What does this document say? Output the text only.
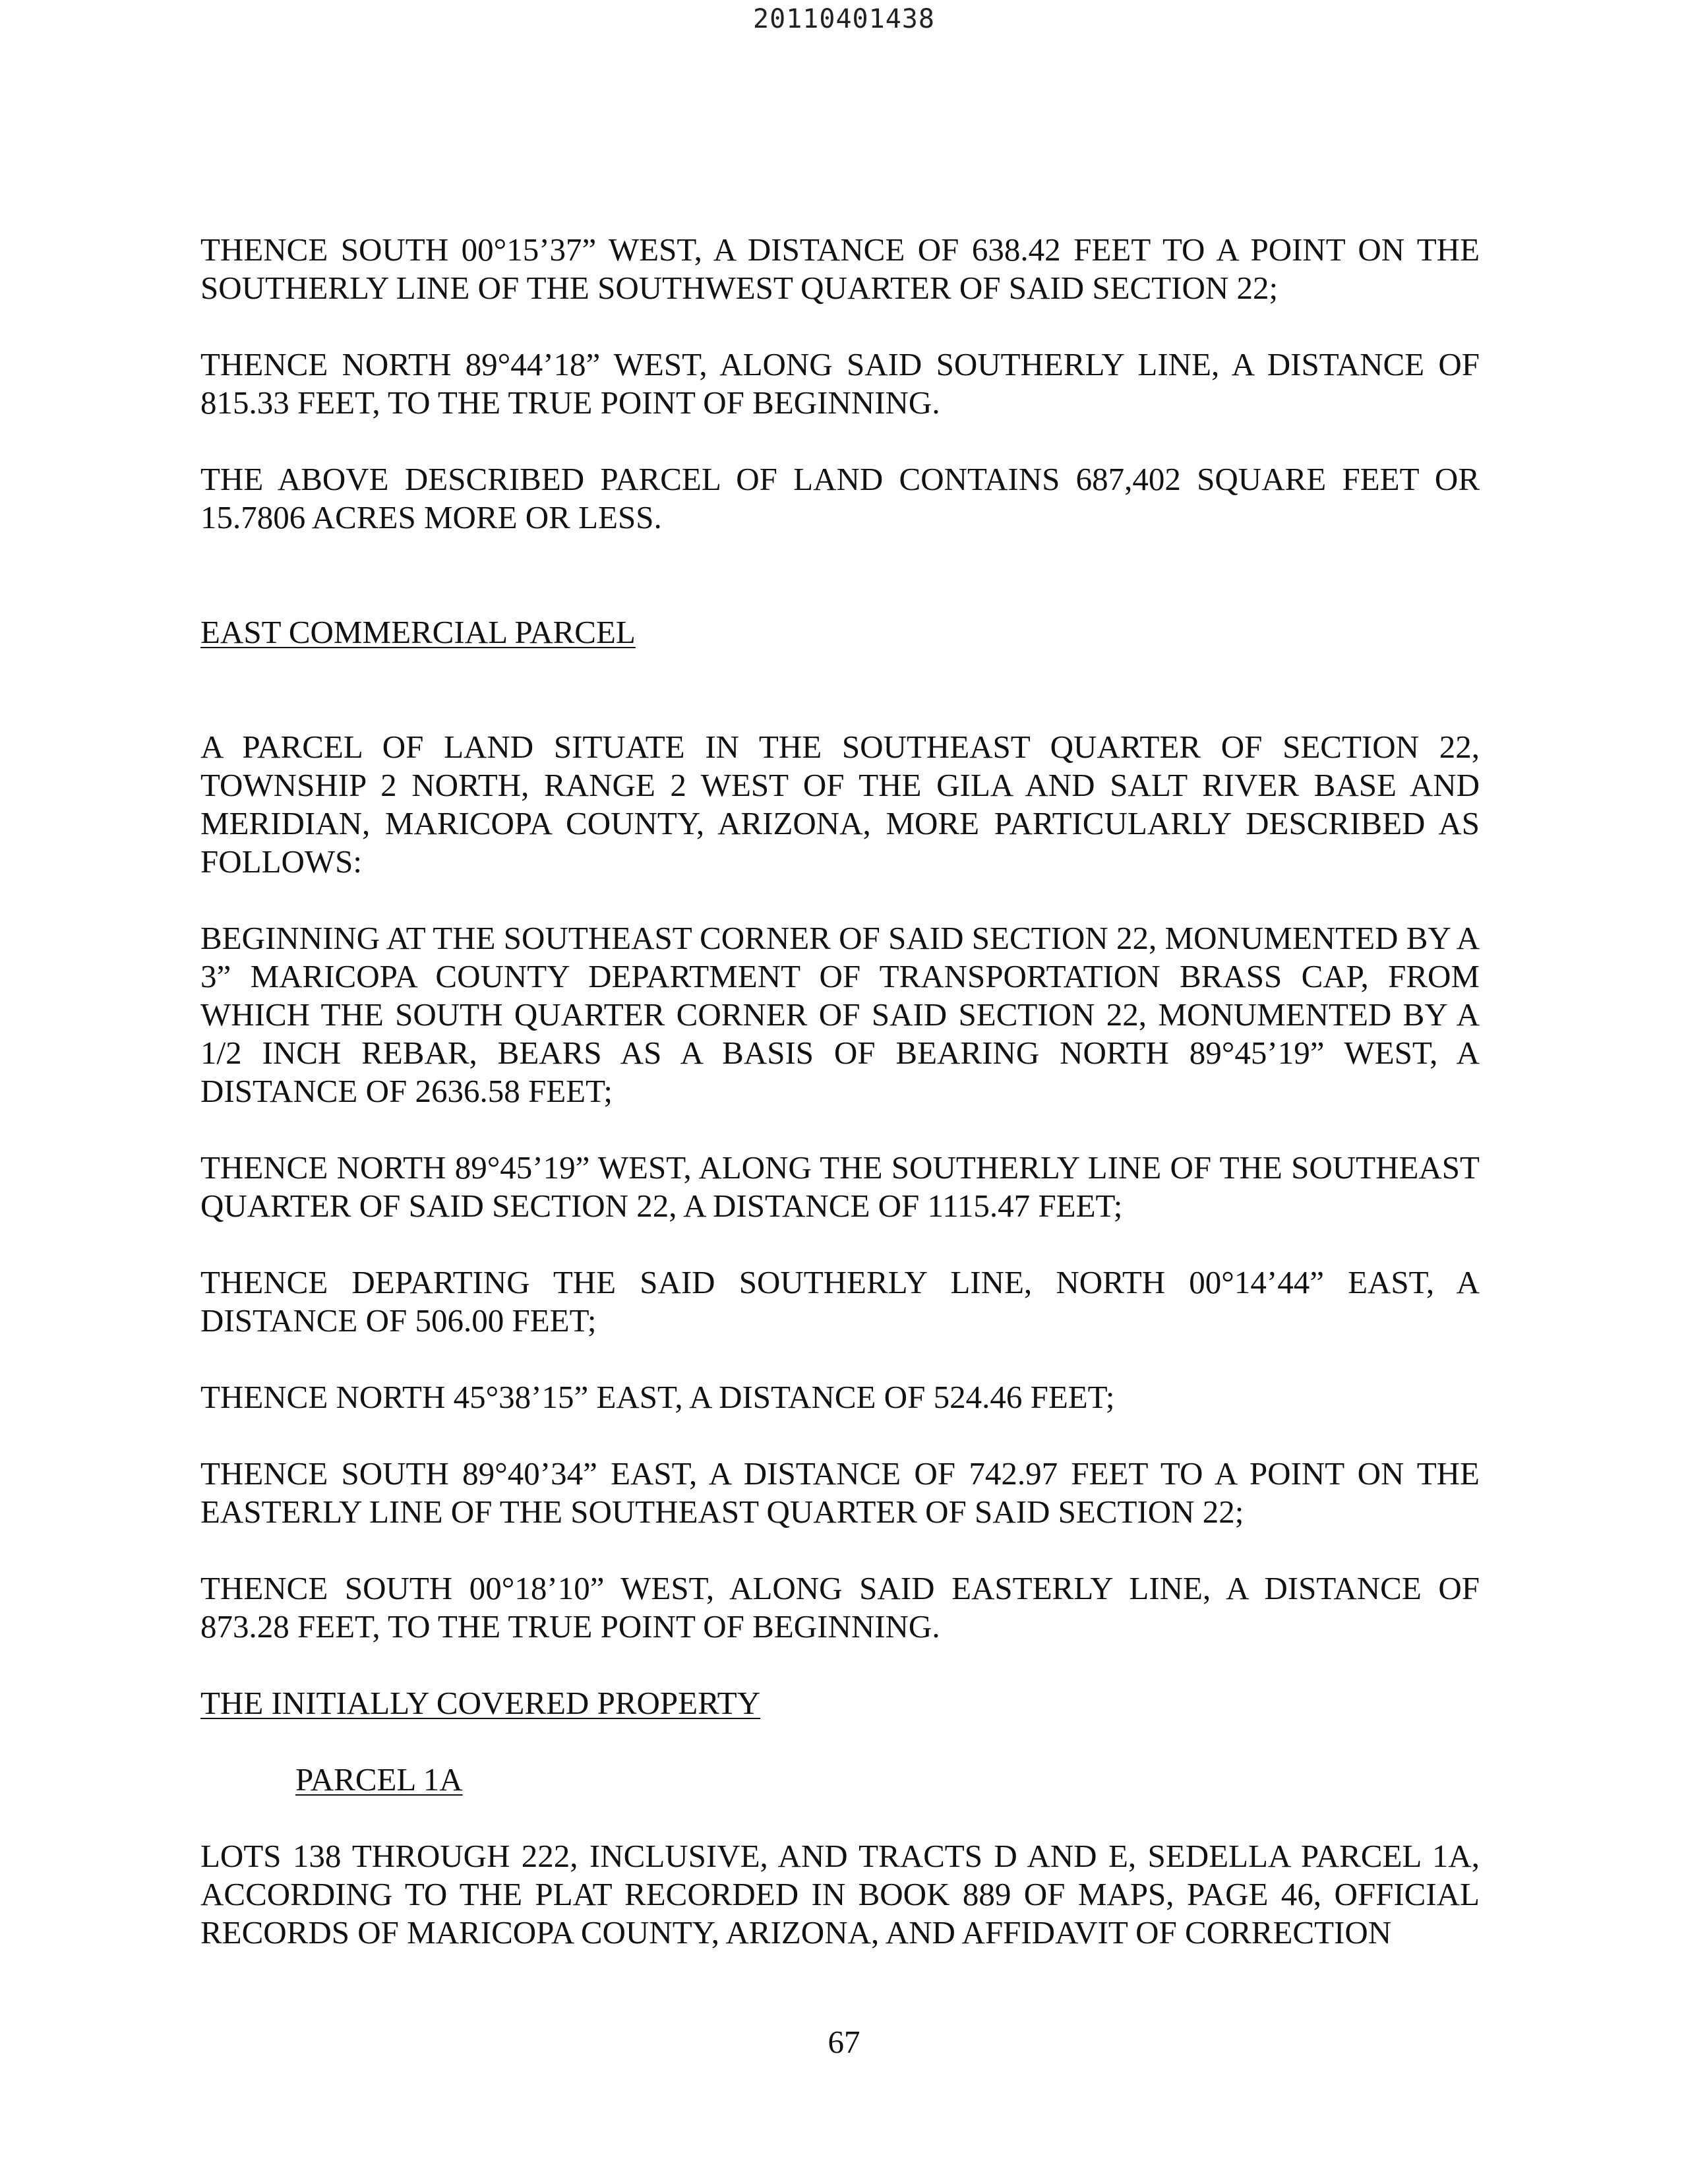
20110401438

THENCE SOUTH 00°15’37” WEST, A DISTANCE OF 638.42 FEET TO A POINT ON THE SOUTHERLY LINE OF THE SOUTHWEST QUARTER OF SAID SECTION 22;

THENCE NORTH 89°44’18” WEST, ALONG SAID SOUTHERLY LINE, A DISTANCE OF 815.33 FEET, TO THE TRUE POINT OF BEGINNING.

THE ABOVE DESCRIBED PARCEL OF LAND CONTAINS 687,402 SQUARE FEET OR 15.7806 ACRES MORE OR LESS.

EAST COMMERCIAL PARCEL

A PARCEL OF LAND SITUATE IN THE SOUTHEAST QUARTER OF SECTION 22, TOWNSHIP 2 NORTH, RANGE 2 WEST OF THE GILA AND SALT RIVER BASE AND MERIDIAN, MARICOPA COUNTY, ARIZONA, MORE PARTICULARLY DESCRIBED AS FOLLOWS:

BEGINNING AT THE SOUTHEAST CORNER OF SAID SECTION 22, MONUMENTED BY A 3” MARICOPA COUNTY DEPARTMENT OF TRANSPORTATION BRASS CAP, FROM WHICH THE SOUTH QUARTER CORNER OF SAID SECTION 22, MONUMENTED BY A 1/2 INCH REBAR, BEARS AS A BASIS OF BEARING NORTH 89°45’19” WEST, A DISTANCE OF 2636.58 FEET;

THENCE NORTH 89°45’19” WEST, ALONG THE SOUTHERLY LINE OF THE SOUTHEAST QUARTER OF SAID SECTION 22, A DISTANCE OF 1115.47 FEET;

THENCE DEPARTING THE SAID SOUTHERLY LINE, NORTH 00°14’44” EAST, A DISTANCE OF 506.00 FEET;

THENCE NORTH 45°38’15” EAST, A DISTANCE OF 524.46 FEET;

THENCE SOUTH 89°40’34” EAST, A DISTANCE OF 742.97 FEET TO A POINT ON THE EASTERLY LINE OF THE SOUTHEAST QUARTER OF SAID SECTION 22;

THENCE SOUTH 00°18’10” WEST, ALONG SAID EASTERLY LINE, A DISTANCE OF 873.28 FEET, TO THE TRUE POINT OF BEGINNING.

THE INITIALLY COVERED PROPERTY

PARCEL 1A

LOTS 138 THROUGH 222, INCLUSIVE, AND TRACTS D AND E, SEDELLA PARCEL 1A, ACCORDING TO THE PLAT RECORDED IN BOOK 889 OF MAPS, PAGE 46, OFFICIAL RECORDS OF MARICOPA COUNTY, ARIZONA, AND AFFIDAVIT OF CORRECTION

67
